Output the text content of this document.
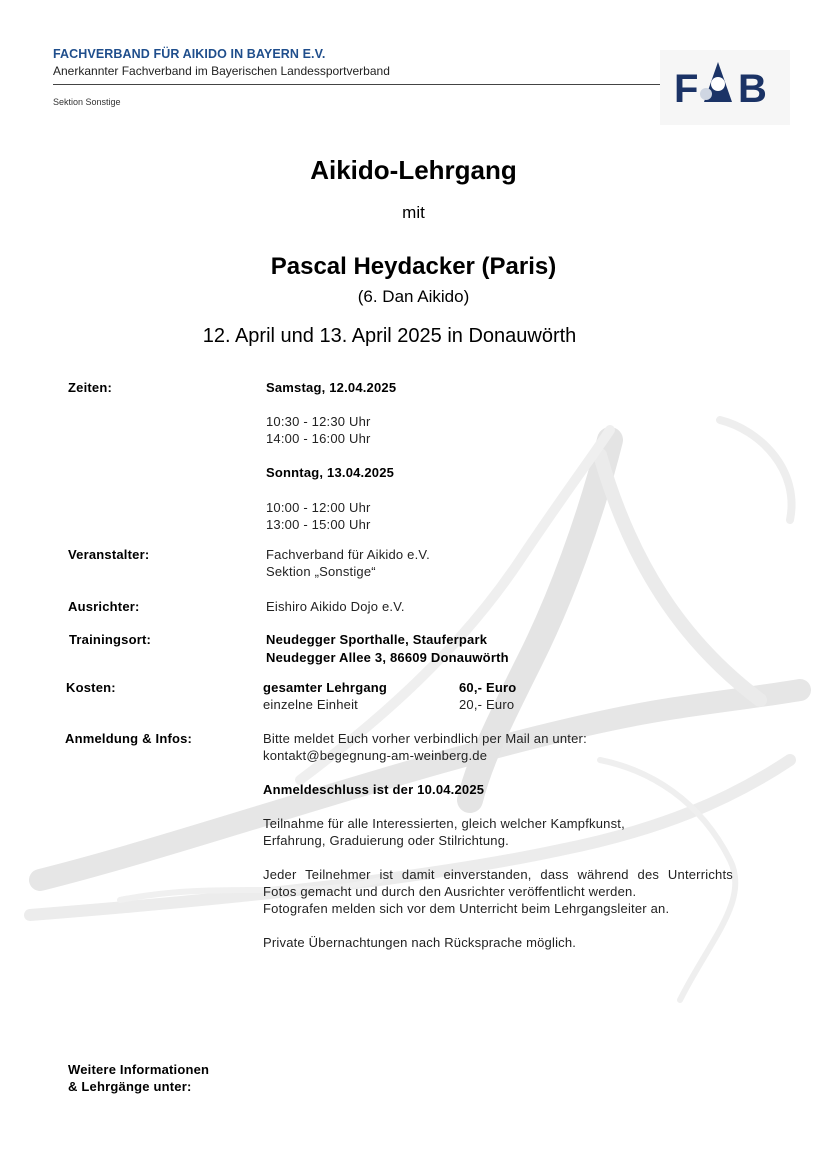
FACHVERBAND FÜR AIKIDO IN BAYERN E.V.
Anerkannter Fachverband im Bayerischen Landessportverband
Sektion Sonstige	F B
Aikido-Lehrgang
mit
Pascal Heydacker (Paris)
(6. Dan Aikido)
12. April und 13. April 2025 in Donauwörth
Zeiten:	Samstag, 12.04.2025
10:30 - 12:30 Uhr
14:00 - 16:00 Uhr
Sonntag, 13.04.2025
10:00 - 12:00 Uhr
13:00 - 15:00 Uhr
Veranstalter:	Fachverband für Aikido e.V.
Sektion „Sonstige“
Ausrichter:	Eishiro Aikido Dojo e.V.
Trainingsort:	Neudegger Sporthalle, Stauferpark
Neudegger Allee 3, 86609 Donauwörth
Kosten:	gesamter Lehrgang	60,- Euro
einzelne Einheit	20,- Euro
Anmeldung & Infos:	Bitte meldet Euch vorher verbindlich per Mail an unter:
kontakt@begegnung-am-weinberg.de
Anmeldeschluss ist der 10.04.2025
Teilnahme für alle Interessierten, gleich welcher Kampfkunst,
Erfahrung, Graduierung oder Stilrichtung.
Jeder Teilnehmer ist damit einverstanden, dass während des Unterrichts
Fotos gemacht und durch den Ausrichter veröffentlicht werden.
Fotografen melden sich vor dem Unterricht beim Lehrgangsleiter an.
Private Übernachtungen nach Rücksprache möglich.
Weitere Informationen
& Lehrgänge unter:
